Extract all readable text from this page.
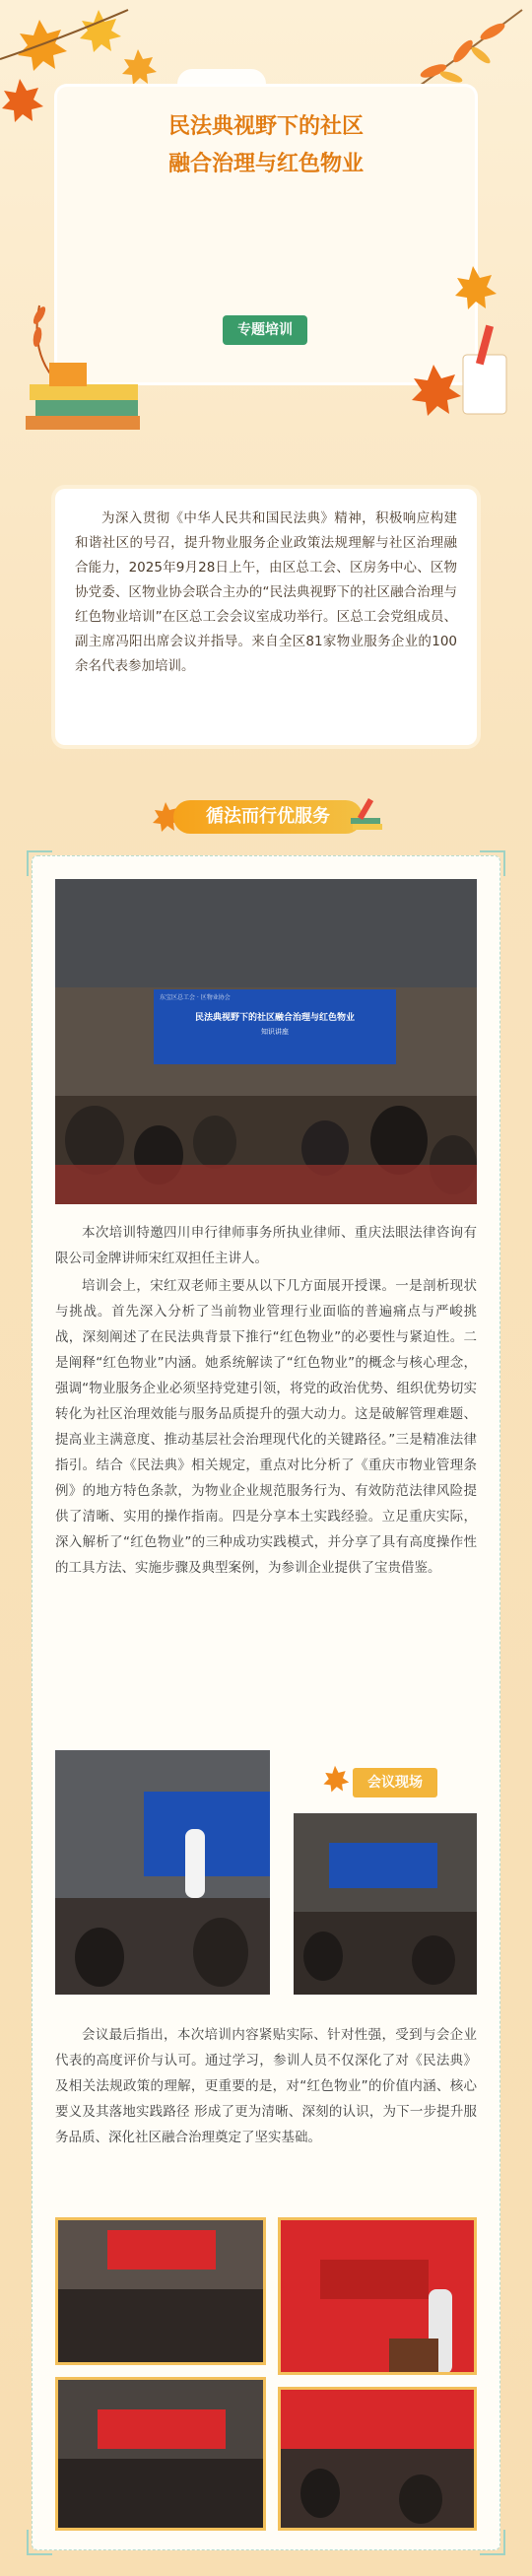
民法典视野下的社区
融合治理与红色物业
专题培训
为深入贯彻《中华人民共和国民法典》精神，积极响应构建和谐社区的号召，提升物业服务企业政策法规理解与社区治理融合能力，2025年9月28日上午，由区总工会、区房务中心、区物协党委、区物业协会联合主办的“民法典视野下的社区融合治理与红色物业培训”在区总工会会议室成功举行。区总工会党组成员、副主席冯阳出席会议并指导。来自全区81家物业服务企业的100余名代表参加培训。
循法而行优服务
东宝区总工会 · 区物业协会
民法典视野下的社区融合治理与红色物业
知识讲座
本次培训特邀四川申行律师事务所执业律师、重庆法眼法律咨询有限公司金牌讲师宋红双担任主讲人。
培训会上，宋红双老师主要从以下几方面展开授课。一是剖析现状与挑战。首先深入分析了当前物业管理行业面临的普遍痛点与严峻挑战，深刻阐述了在民法典背景下推行“红色物业”的必要性与紧迫性。二是阐释“红色物业”内涵。她系统解读了“红色物业”的概念与核心理念，强调“物业服务企业必须坚持党建引领，将党的政治优势、组织优势切实转化为社区治理效能与服务品质提升的强大动力。这是破解管理难题、提高业主满意度、推动基层社会治理现代化的关键路径。”三是精准法律指引。结合《民法典》相关规定，重点对比分析了《重庆市物业管理条例》的地方特色条款，为物业企业规范服务行为、有效防范法律风险提供了清晰、实用的操作指南。四是分享本土实践经验。立足重庆实际，深入解析了“红色物业”的三种成功实践模式，并分享了具有高度操作性的工具方法、实施步骤及典型案例，为参训企业提供了宝贵借鉴。
会议现场
会议最后指出，本次培训内容紧贴实际、针对性强，受到与会企业代表的高度评价与认可。通过学习，参训人员不仅深化了对《民法典》及相关法规政策的理解，更重要的是，对“红色物业”的价值内涵、核心要义及其落地实践路径 形成了更为清晰、深刻的认识，为下一步提升服务品质、深化社区融合治理奠定了坚实基础。
